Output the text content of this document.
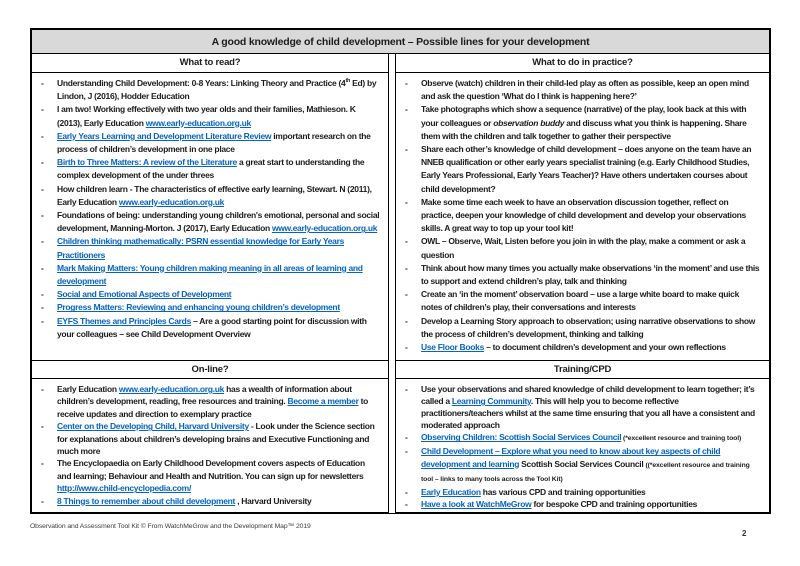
A good knowledge of child development – Possible lines for your development
What to read?
-	Understanding Child Development: 0-8 Years: Linking Theory and Practice (4th Ed) by Lindon, J (2016), Hodder Education
-	I am two! Working effectively with two year olds and their families, Mathieson. K (2013), Early Education www.early-education.org.uk
-	Early Years Learning and Development Literature Review important research on the process of children’s development in one place
-	Birth to Three Matters: A review of the Literature a great start to understanding the complex development of the under threes
-	How children learn - The characteristics of effective early learning, Stewart. N (2011), Early Education www.early-education.org.uk
-	Foundations of being: understanding young children's emotional, personal and social development, Manning-Morton. J (2017), Early Education www.early-education.org.uk
-	Children thinking mathematically: PSRN essential knowledge for Early Years Practitioners
-	Mark Making Matters: Young children making meaning in all areas of learning and development
-	Social and Emotional Aspects of Development
-	Progress Matters: Reviewing and enhancing young children’s development
-	EYFS Themes and Principles Cards – Are a good starting point for discussion with your colleagues – see Child Development Overview
On-line?
-	Early Education www.early-education.org.uk has a wealth of information about children’s development, reading, free resources and training. Become a member to receive updates and direction to exemplary practice
-	Center on the Developing Child, Harvard University - Look under the Science section for explanations about children’s developing brains and Executive Functioning and much more
-	The Encyclopaedia on Early Childhood Development covers aspects of Education and learning; Behaviour and Health and Nutrition. You can sign up for newsletters http://www.child-encyclopedia.com/
-	8 Things to remember about child development , Harvard University
What to do in practice?
-	Observe (watch) children in their child-led play as often as possible, keep an open mind and ask the question ‘What do I think is happening here?’
-	Take photographs which show a sequence (narrative) of the play, look back at this with your colleagues or observation buddy and discuss what you think is happening. Share them with the children and talk together to gather their perspective
-	Share each other’s knowledge of child development – does anyone on the team have an NNEB qualification or other early years specialist training (e.g. Early Childhood Studies, Early Years Professional, Early Years Teacher)? Have others undertaken courses about child development?
-	Make some time each week to have an observation discussion together, reflect on practice, deepen your knowledge of child development and develop your observations skills. A great way to top up your tool kit!
-	OWL – Observe, Wait, Listen before you join in with the play, make a comment or ask a question
-	Think about how many times you actually make observations ‘in the moment’ and use this to support and extend children’s play, talk and thinking
-	Create an ‘in the moment’ observation board – use a large white board to make quick notes of children’s play, their conversations and interests
-	Develop a Learning Story approach to observation; using narrative observations to show the process of children’s development, thinking and talking
-	Use Floor Books – to document children’s development and your own reflections
Training/CPD
-	Use your observations and shared knowledge of child development to learn together; it’s called a Learning Community. This will help you to become reflective practitioners/teachers whilst at the same time ensuring that you all have a consistent and moderated approach
-	Observing Children: Scottish Social Services Council (*excellent resource and training tool)
-	Child Development – Explore what you need to know about key aspects of child development and learning Scottish Social Services Council ((*excellent resource and training tool – links to many tools across the Tool Kit)
-	Early Education has various CPD and training opportunities
-	Have a look at WatchMeGrow for bespoke CPD and training opportunities
Observation and Assessment Tool Kit © From WatchMeGrow and the Development Map™ 2019
2
